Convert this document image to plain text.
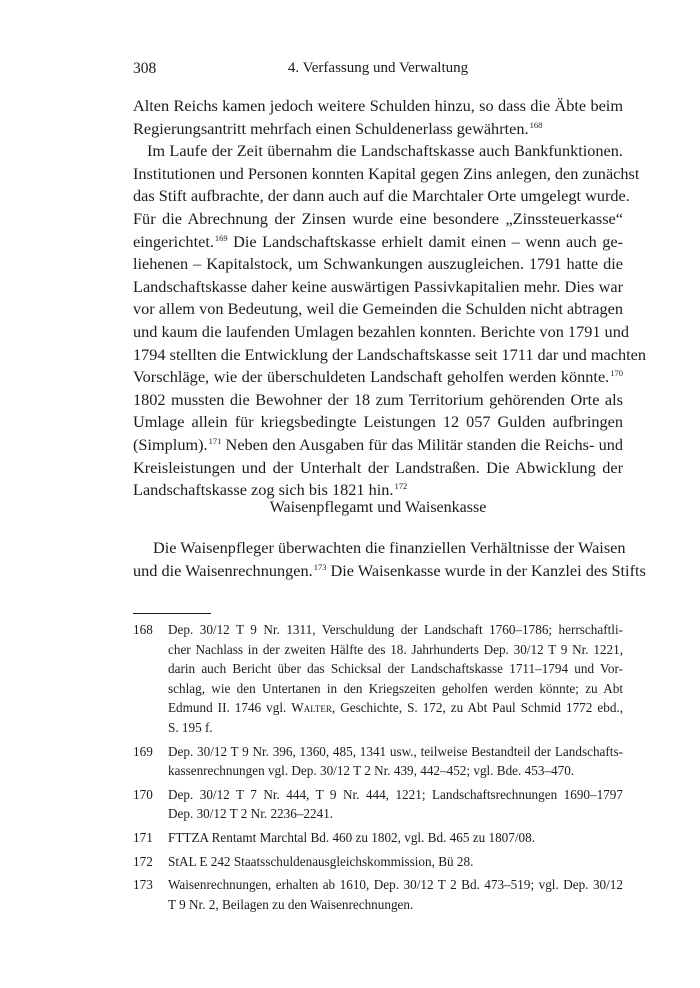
308	4. Verfassung und Verwaltung
Alten Reichs kamen jedoch weitere Schulden hinzu, so dass die Äbte beim
Regierungsantritt mehrfach einen Schuldenerlass gewährten.$^{168}$
Im Laufe der Zeit übernahm die Landschaftskasse auch Bankfunktionen.
Institutionen und Personen konnten Kapital gegen Zins anlegen, den zunächst
das Stift aufbrachte, der dann auch auf die Marchtaler Orte umgelegt wurde.
Für die Abrechnung der Zinsen wurde eine besondere „Zinssteuerkasse“
eingerichtet.$^{169}$ Die Landschaftskasse erhielt damit einen – wenn auch ge-
liehenen – Kapitalstock, um Schwankungen auszugleichen. 1791 hatte die
Landschaftskasse daher keine auswärtigen Passivkapitalien mehr. Dies war
vor allem von Bedeutung, weil die Gemeinden die Schulden nicht abtragen
und kaum die laufenden Umlagen bezahlen konnten. Berichte von 1791 und
1794 stellten die Entwicklung der Landschaftskasse seit 1711 dar und machten
Vorschläge, wie der überschuldeten Landschaft geholfen werden könnte.$^{170}$
1802 mussten die Bewohner der 18 zum Territorium gehörenden Orte als
Umlage allein für kriegsbedingte Leistungen 12 057 Gulden aufbringen
(Simplum).$^{171}$ Neben den Ausgaben für das Militär standen die Reichs- und
Kreisleistungen und der Unterhalt der Landstraßen. Die Abwicklung der
Landschaftskasse zog sich bis 1821 hin.$^{172}$
Waisenpflegamt und Waisenkasse
Die Waisenpfleger überwachten die finanziellen Verhältnisse der Waisen
und die Waisenrechnungen.$^{173}$ Die Waisenkasse wurde in der Kanzlei des Stifts
168 Dep. 30/12 T 9 Nr. 1311, Verschuldung der Landschaft 1760–1786; herrschaftli-
cher Nachlass in der zweiten Hälfte des 18. Jahrhunderts Dep. 30/12 T 9 Nr. 1221,
darin auch Bericht über das Schicksal der Landschaftskasse 1711–1794 und Vor-
schlag, wie den Untertanen in den Kriegszeiten geholfen werden könnte; zu Abt
Edmund II. 1746 vgl. Walter, Geschichte, S. 172, zu Abt Paul Schmid 1772 ebd.,
S. 195 f.
169 Dep. 30/12 T 9 Nr. 396, 1360, 485, 1341 usw., teilweise Bestandteil der Landschafts-
kassenrechnungen vgl. Dep. 30/12 T 2 Nr. 439, 442–452; vgl. Bde. 453–470.
170 Dep. 30/12 T 7 Nr. 444, T 9 Nr. 444, 1221; Landschaftsrechnungen 1690–1797
Dep. 30/12 T 2 Nr. 2236–2241.
171 FTTZA Rentamt Marchtal Bd. 460 zu 1802, vgl. Bd. 465 zu 1807/08.
172 StAL E 242 Staatsschuldenausgleichskommission, Bü 28.
173 Waisenrechnungen, erhalten ab 1610, Dep. 30/12 T 2 Bd. 473–519; vgl. Dep. 30/12
T 9 Nr. 2, Beilagen zu den Waisenrechnungen.
